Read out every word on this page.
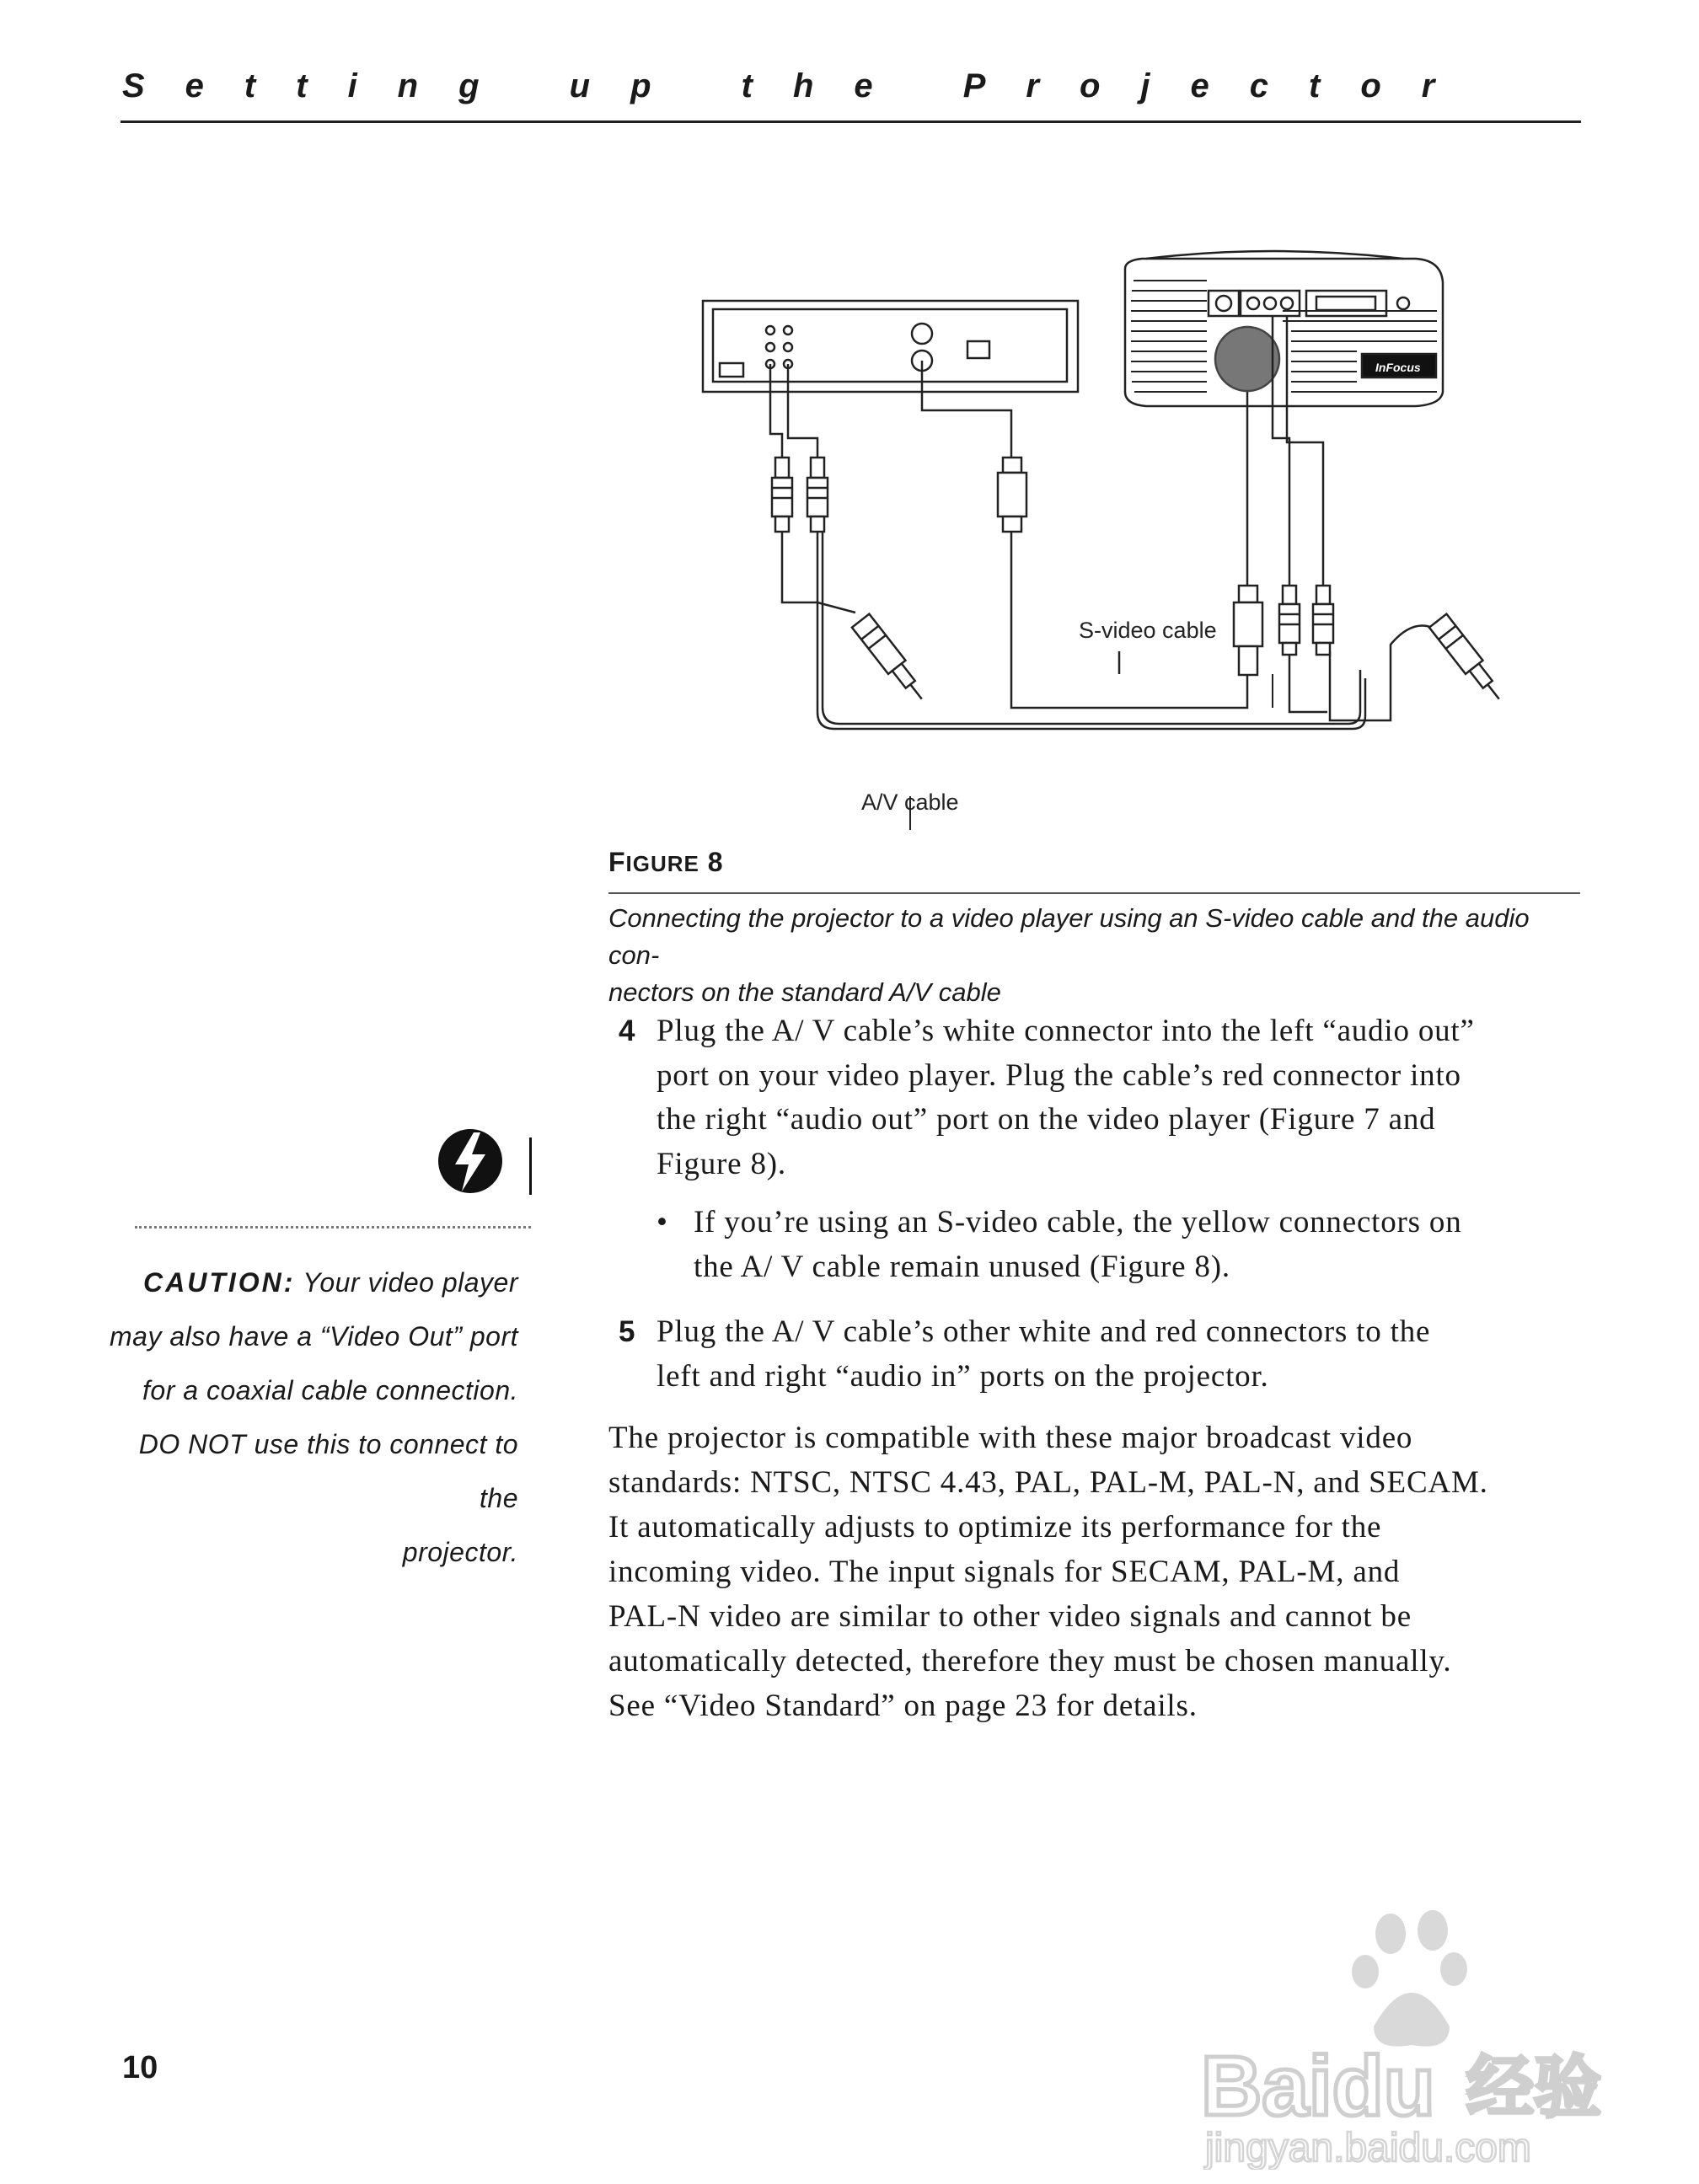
Setting up the Projector
InFocus
S-video cable
A/V cable
FIGURE 8
Connecting the projector to a video player using an S-video cable and the audio con-
nectors on the standard A/V cable
4 Plug the A/ V cable’s white connector into the left “audio out”
port on your video player. Plug the cable’s red connector into
the right “audio out” port on the video player (Figure 7 and
Figure 8).
• If you’re using an S-video cable, the yellow connectors on
the A/ V cable remain unused (Figure 8).
5 Plug the A/ V cable’s other white and red connectors to the
left and right “audio in” ports on the projector.
The projector is compatible with these major broadcast video
standards: NTSC, NTSC 4.43, PAL, PAL-M, PAL-N, and SECAM.
It automatically adjusts to optimize its performance for the
incoming video. The input signals for SECAM, PAL-M, and
PAL-N video are similar to other video signals and cannot be
automatically detected, therefore they must be chosen manually.
See “Video Standard” on page 23 for details.
CAUTION: Your video player
may also have a “Video Out” port
for a coaxial cable connection.
DO NOT use this to connect to the
projector.
10	Baidu 经验
jingyan.baidu.com
